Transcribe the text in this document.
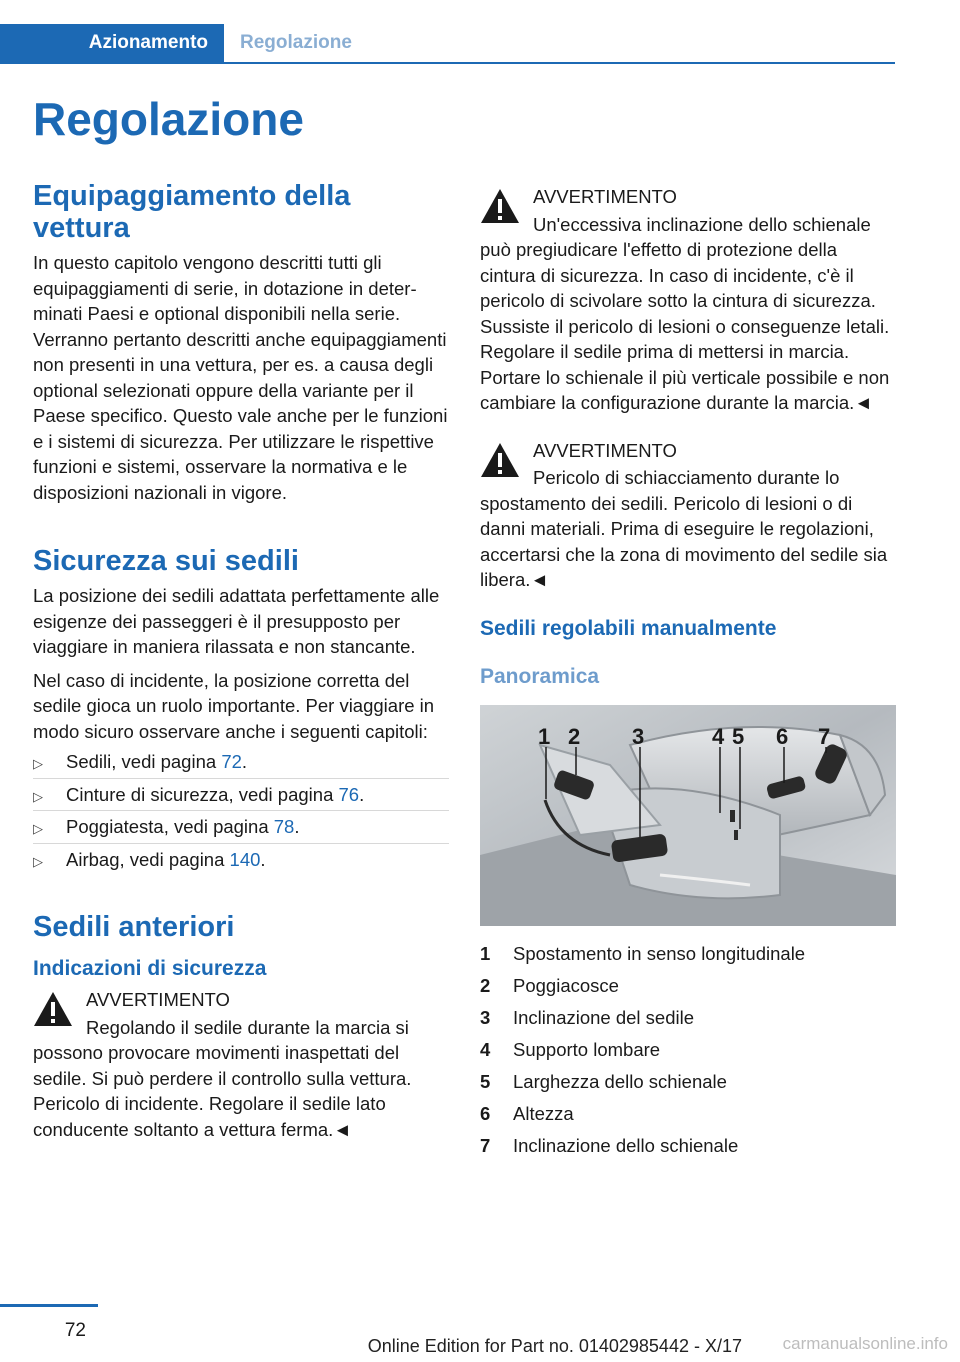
Azionamento	Regolazione
Regolazione
Equipaggiamento della vettura

In questo capitolo vengono descritti tutti gli equipaggiamenti di serie, in dotazione in determinati Paesi e optional disponibili nella serie. Verranno pertanto descritti anche equipaggiamenti non presenti in una vettura, per es. a causa degli optional selezionati oppure della variante per il Paese specifico. Questo vale anche per le funzioni e i sistemi di sicurezza. Per utilizzare le rispettive funzioni e sistemi, osservare la normativa e le disposizioni nazionali in vigore.

Sicurezza sui sedili

La posizione dei sedili adattata perfettamente alle esigenze dei passeggeri è il presupposto per viaggiare in maniera rilassata e non stancante.

Nel caso di incidente, la posizione corretta del sedile gioca un ruolo importante. Per viaggiare in modo sicuro osservare anche i seguenti capitoli:

▷ Sedili, vedi pagina 72.
▷ Cinture di sicurezza, vedi pagina 76.
▷ Poggiatesta, vedi pagina 78.
▷ Airbag, vedi pagina 140.
Sedili anteriori
Indicazioni di sicurezza
AVVERTIMENTO

Regolando il sedile durante la marcia si possono provocare movimenti inaspettati del sedile. Si può perdere il controllo sulla vettura. Pericolo di incidente. Regolare il sedile lato conducente soltanto a vettura ferma.◄

AVVERTIMENTO

Un'eccessiva inclinazione dello schienale può pregiudicare l'effetto di protezione della cintura di sicurezza. In caso di incidente, c'è il pericolo di scivolare sotto la cintura di sicurezza. Sussiste il pericolo di lesioni o conseguenze letali. Regolare il sedile prima di mettersi in marcia. Portare lo schienale il più verticale possibile e non cambiare la configurazione durante la marcia.◄

AVVERTIMENTO

Pericolo di schiacciamento durante lo spostamento dei sedili. Pericolo di lesioni o di danni materiali. Prima di eseguire le regolazioni, accertarsi che la zona di movimento del sedile sia libera.◄

Sedili regolabili manualmente
Panoramica
1 2 3	4 5 6 7
1 Spostamento in senso longitudinale
2 Poggiacosce
3 Inclinazione del sedile
4 Supporto lombare
5 Larghezza dello schienale
6 Altezza
7 Inclinazione dello schienale
72
Online Edition for Part no. 01402985442 - X/17 carmanualsonline.info
